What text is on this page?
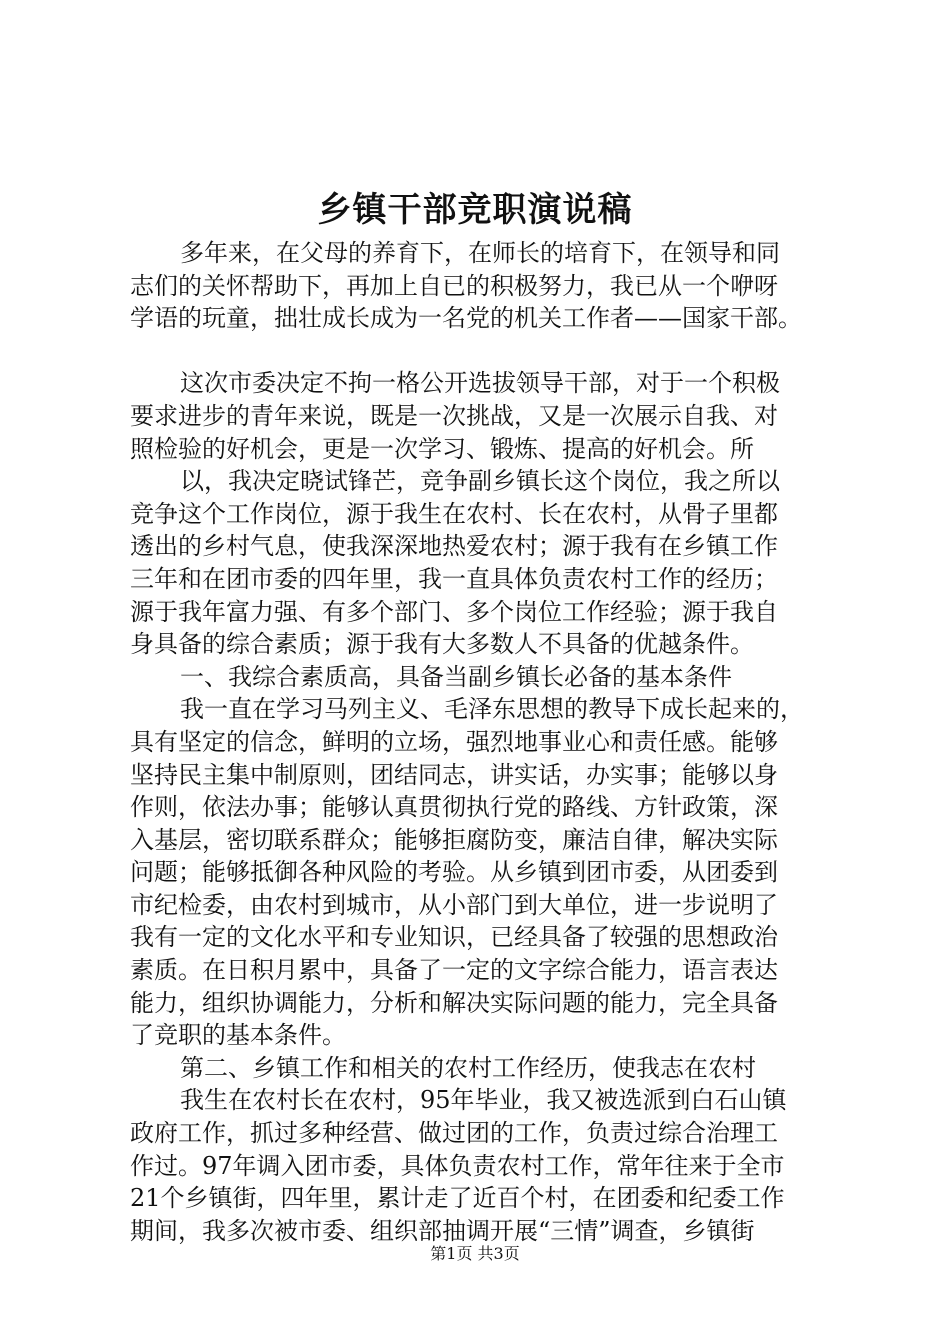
乡镇干部竞职演说稿
多年来，在父母的养育下，在师长的培育下，在领导和同
志们的关怀帮助下，再加上自已的积极努力，我已从一个咿呀
学语的玩童，拙壮成长成为一名党的机关工作者——国家干部。
这次市委决定不拘一格公开选拔领导干部，对于一个积极
要求进步的青年来说，既是一次挑战，又是一次展示自我、对
照检验的好机会，更是一次学习、锻炼、提高的好机会。所
以，我决定晓试锋芒，竞争副乡镇长这个岗位，我之所以
竞争这个工作岗位，源于我生在农村、长在农村，从骨子里都
透出的乡村气息，使我深深地热爱农村；源于我有在乡镇工作
三年和在团市委的四年里，我一直具体负责农村工作的经历；
源于我年富力强、有多个部门、多个岗位工作经验；源于我自
身具备的综合素质；源于我有大多数人不具备的优越条件。
一、我综合素质高，具备当副乡镇长必备的基本条件
我一直在学习马列主义、毛泽东思想的教导下成长起来的，
具有坚定的信念，鲜明的立场，强烈地事业心和责任感。能够
坚持民主集中制原则，团结同志，讲实话，办实事；能够以身
作则，依法办事；能够认真贯彻执行党的路线、方针政策，深
入基层，密切联系群众；能够拒腐防变，廉洁自律，解决实际
问题；能够抵御各种风险的考验。从乡镇到团市委，从团委到
市纪检委，由农村到城市，从小部门到大单位，进一步说明了
我有一定的文化水平和专业知识，已经具备了较强的思想政治
素质。在日积月累中，具备了一定的文字综合能力，语言表达
能力，组织协调能力，分析和解决实际问题的能力，完全具备
了竞职的基本条件。
第二、乡镇工作和相关的农村工作经历，使我志在农村
我生在农村长在农村，95年毕业，我又被选派到白石山镇
政府工作，抓过多种经营、做过团的工作，负责过综合治理工
作过。97年调入团市委，具体负责农村工作，常年往来于全市
21个乡镇街，四年里，累计走了近百个村，在团委和纪委工作
期间，我多次被市委、组织部抽调开展“三情”调查，乡镇街
第1页 共3页
